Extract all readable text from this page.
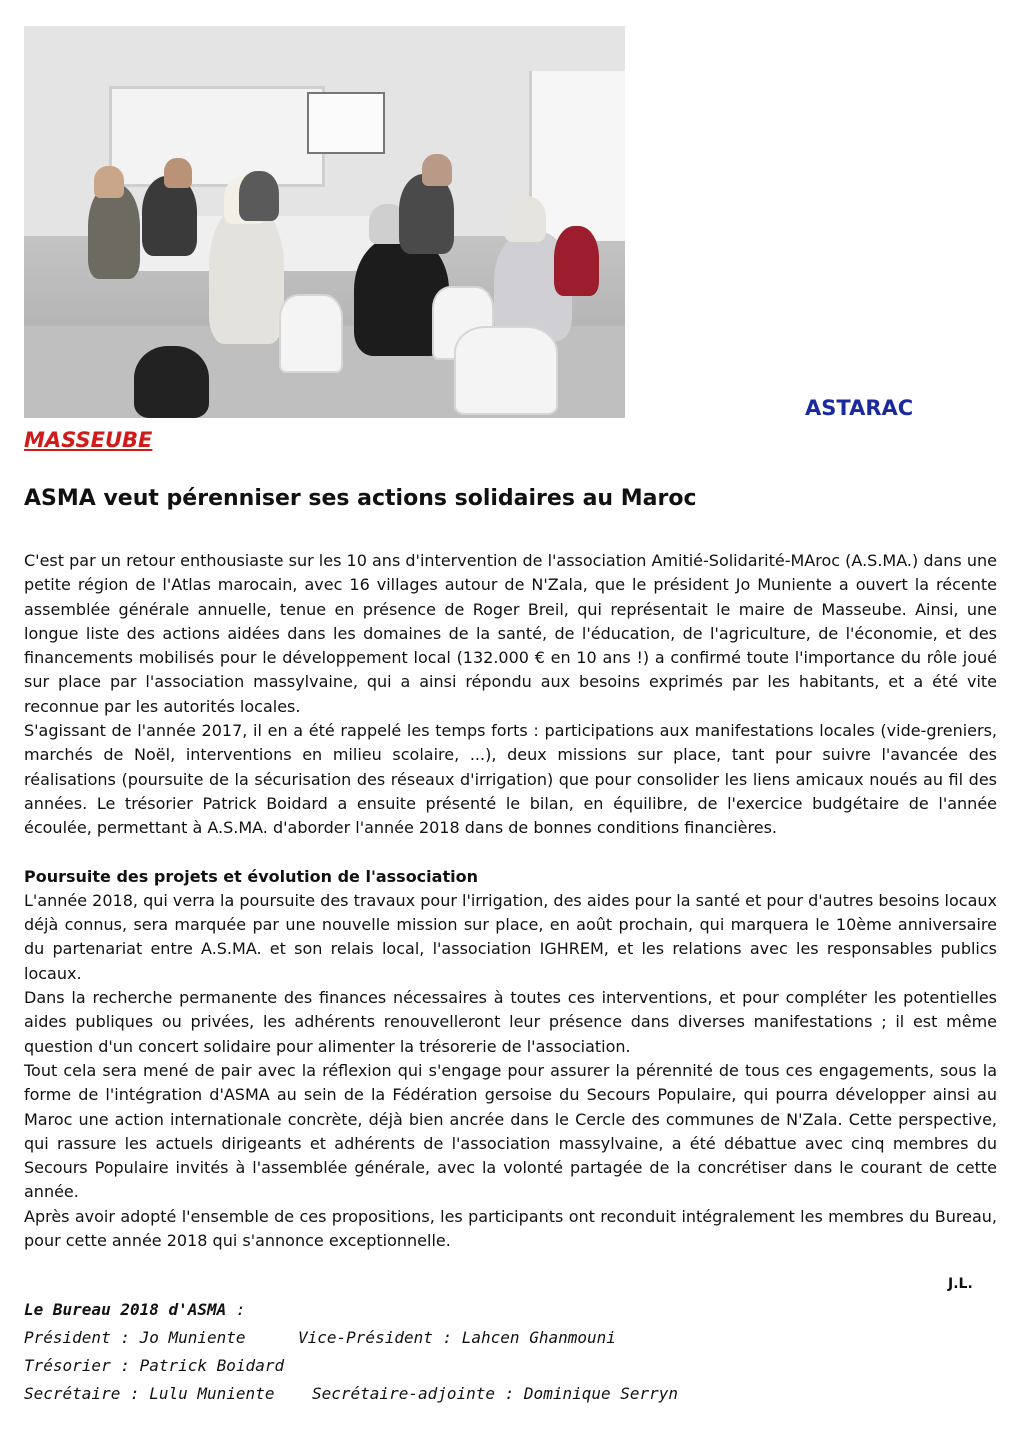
ASTARAC
MASSEUBE
ASMA veut pérenniser ses actions solidaires au Maroc

C'est par un retour enthousiaste sur les 10 ans d'intervention de l'association Amitié-Solidarité-MAroc (A.S.MA.) dans une petite région de l'Atlas marocain, avec 16 villages autour de N'Zala, que le président Jo Muniente a ouvert la récente assemblée générale annuelle, tenue en présence de Roger Breil, qui représentait le maire de Masseube. Ainsi, une longue liste des actions aidées dans les domaines de la santé, de l'éducation, de l'agriculture, de l'économie, et des financements mobilisés pour le développement local (132.000 € en 10 ans !) a confirmé toute l'importance du rôle joué sur place par l'association massylvaine, qui a ainsi répondu aux besoins exprimés par les habitants, et a été vite reconnue par les autorités locales.

S'agissant de l'année 2017, il en a été rappelé les temps forts : participations aux manifestations locales (vide-greniers, marchés de Noël, interventions en milieu scolaire, ...), deux missions sur place, tant pour suivre l'avancée des réalisations (poursuite de la sécurisation des réseaux d'irrigation) que pour consolider les liens amicaux noués au fil des années. Le trésorier Patrick Boidard a ensuite présenté le bilan, en équilibre, de l'exercice budgétaire de l'année écoulée, permettant à A.S.MA. d'aborder l'année 2018 dans de bonnes conditions financières.

Poursuite des projets et évolution de l'association

L'année 2018, qui verra la poursuite des travaux pour l'irrigation, des aides pour la santé et pour d'autres besoins locaux déjà connus, sera marquée par une nouvelle mission sur place, en août prochain, qui marquera le 10ème anniversaire du partenariat entre A.S.MA. et son relais local, l'association IGHREM, et les relations avec les responsables publics locaux.

Dans la recherche permanente des finances nécessaires à toutes ces interventions, et pour compléter les potentielles aides publiques ou privées, les adhérents renouvelleront leur présence dans diverses manifestations ; il est même question d'un concert solidaire pour alimenter la trésorerie de l'association.

Tout cela sera mené de pair avec la réflexion qui s'engage pour assurer la pérennité de tous ces engagements, sous la forme de l'intégration d'ASMA au sein de la Fédération gersoise du Secours Populaire, qui pourra développer ainsi au Maroc une action internationale concrète, déjà bien ancrée dans le Cercle des communes de N'Zala. Cette perspective, qui rassure les actuels dirigeants et adhérents de l'association massylvaine, a été débattue avec cinq membres du Secours Populaire invités à l'assemblée générale, avec la volonté partagée de la concrétiser dans le courant de cette année.

Après avoir adopté l'ensemble de ces propositions, les participants ont reconduit intégralement les membres du Bureau, pour cette année 2018 qui s'annonce exceptionnelle.

J.L.
Le Bureau 2018 d'ASMA :
Président : Jo Muniente	Vice-Président : Lahcen Ghanmouni
Trésorier : Patrick Boidard
Secrétaire : Lulu Muniente Secrétaire-adjointe : Dominique Serryn
